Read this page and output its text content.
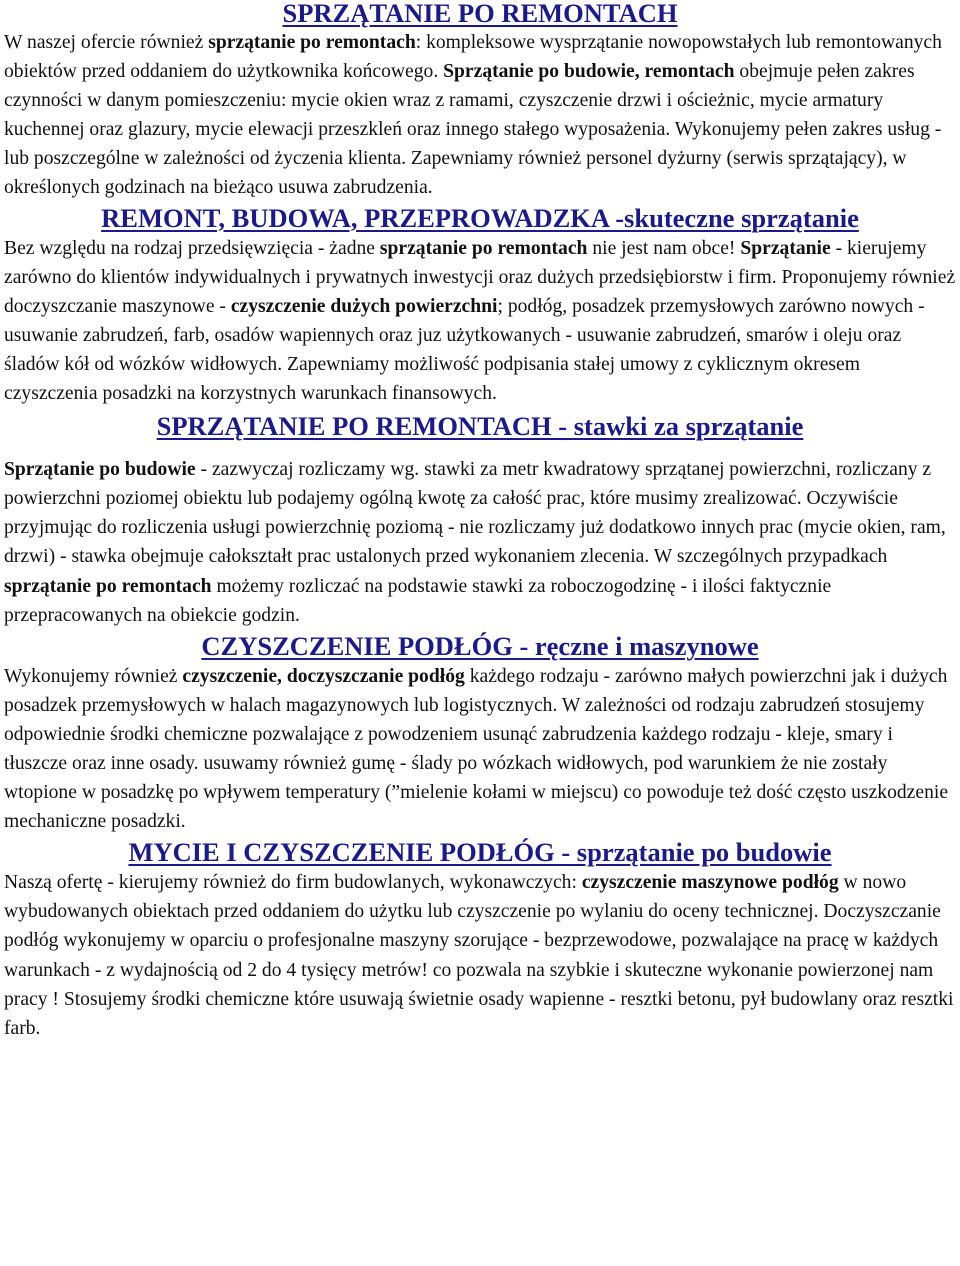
SPRZĄTANIE PO REMONTACH

W naszej ofercie również sprzątanie po remontach: kompleksowe wysprzątanie nowopowstałych lub remontowanych obiektów przed oddaniem do użytkownika końcowego. Sprzątanie po budowie, remontach obejmuje pełen zakres czynności w danym pomieszczeniu: mycie okien wraz z ramami, czyszczenie drzwi i ościeżnic, mycie armatury kuchennej oraz glazury, mycie elewacji przeszkleń oraz innego stałego wyposażenia. Wykonujemy pełen zakres usług - lub poszczególne w zależności od życzenia klienta. Zapewniamy również personel dyżurny (serwis sprzątający), w określonych godzinach na bieżąco usuwa zabrudzenia.

REMONT, BUDOWA, PRZEPROWADZKA -skuteczne sprzątanie

Bez względu na rodzaj przedsięwzięcia - żadne sprzątanie po remontach nie jest nam obce! Sprzątanie - kierujemy zarówno do klientów indywidualnych i prywatnych inwestycji oraz dużych przedsiębiorstw i firm. Proponujemy również doczyszczanie maszynowe - czyszczenie dużych powierzchni; podłóg, posadzek przemysłowych zarówno nowych - usuwanie zabrudzeń, farb, osadów wapiennych oraz juz użytkowanych - usuwanie zabrudzeń, smarów i oleju oraz śladów kół od wózków widłowych. Zapewniamy możliwość podpisania stałej umowy z cyklicznym okresem czyszczenia posadzki na korzystnych warunkach finansowych.

SPRZĄTANIE PO REMONTACH - stawki za sprzątanie

Sprzątanie po budowie - zazwyczaj rozliczamy wg. stawki za metr kwadratowy sprzątanej powierzchni, rozliczany z powierzchni poziomej obiektu lub podajemy ogólną kwotę za całość prac, które musimy zrealizować. Oczywiście przyjmując do rozliczenia usługi powierzchnię poziomą - nie rozliczamy już dodatkowo innych prac (mycie okien, ram, drzwi) - stawka obejmuje całokształt prac ustalonych przed wykonaniem zlecenia. W szczególnych przypadkach sprzątanie po remontach możemy rozliczać na podstawie stawki za roboczogodzinę - i ilości faktycznie przepracowanych na obiekcie godzin.

CZYSZCZENIE PODŁÓG - ręczne i maszynowe

Wykonujemy również czyszczenie, doczyszczanie podłóg każdego rodzaju - zarówno małych powierzchni jak i dużych posadzek przemysłowych w halach magazynowych lub logistycznych. W zależności od rodzaju zabrudzeń stosujemy odpowiednie środki chemiczne pozwalające z powodzeniem usunąć zabrudzenia każdego rodzaju - kleje, smary i tłuszcze oraz inne osady. usuwamy również gumę - ślady po wózkach widłowych, pod warunkiem że nie zostały wtopione w posadzkę po wpływem temperatury (”mielenie kołami w miejscu) co powoduje też dość często uszkodzenie mechaniczne posadzki.

MYCIE I CZYSZCZENIE PODŁÓG - sprzątanie po budowie

Naszą ofertę - kierujemy również do firm budowlanych, wykonawczych: czyszczenie maszynowe podłóg w nowo wybudowanych obiektach przed oddaniem do użytku lub czyszczenie po wylaniu do oceny technicznej. Doczyszczanie podłóg wykonujemy w oparciu o profesjonalne maszyny szorujące - bezprzewodowe, pozwalające na pracę w każdych warunkach - z wydajnością od 2 do 4 tysięcy metrów! co pozwala na szybkie i skuteczne wykonanie powierzonej nam pracy ! Stosujemy środki chemiczne które usuwają świetnie osady wapienne - resztki betonu, pył budowlany oraz resztki farb.
